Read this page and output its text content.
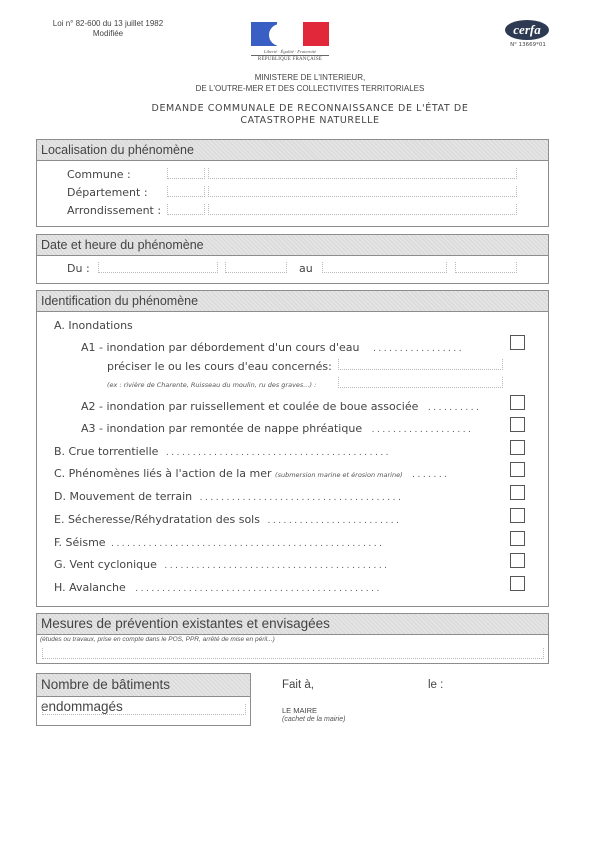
Loi n° 82-600 du 13 juillet 1982
Modifiée
Liberté · Égalité · Fraternité
RÉPUBLIQUE FRANÇAISE
cerfa
N° 13669*01
MINISTERE DE L'INTERIEUR,
DE L'OUTRE-MER ET DES COLLECTIVITES TERRITORIALES
DEMANDE COMMUNALE DE RECONNAISSANCE DE L'ÉTAT DE
CATASTROPHE NATURELLE
Localisation du phénomène
Commune :
Département :
Arrondissement :
Date et heure du phénomène
Du :	au
Identification du phénomène
A. Inondations
A1 - inondation par débordement d'un cours d'eau .................
préciser le ou les cours d'eau concernés:
(ex : rivière de Charente, Ruisseau du moulin, ru des graves...) :
A2 - inondation par ruissellement et coulée de boue associée ..........
A3 - inondation par remontée de nappe phréatique ...................
B. Crue torrentielle ..........................................
C. Phénomènes liés à l'action de la mer (submersion marine et érosion marine) .......
D. Mouvement de terrain ......................................
E. Sécheresse/Réhydratation des sols .........................
F. Séisme ...................................................
G. Vent cyclonique ..........................................
H. Avalanche ..............................................
Mesures de prévention existantes et envisagées
(études ou travaux, prise en compte dans le POS, PPR, arrêté de mise en péril...)
Nombre de bâtiments endommagés
Fait à,	le :
LE MAIRE
(cachet de la mairie)
